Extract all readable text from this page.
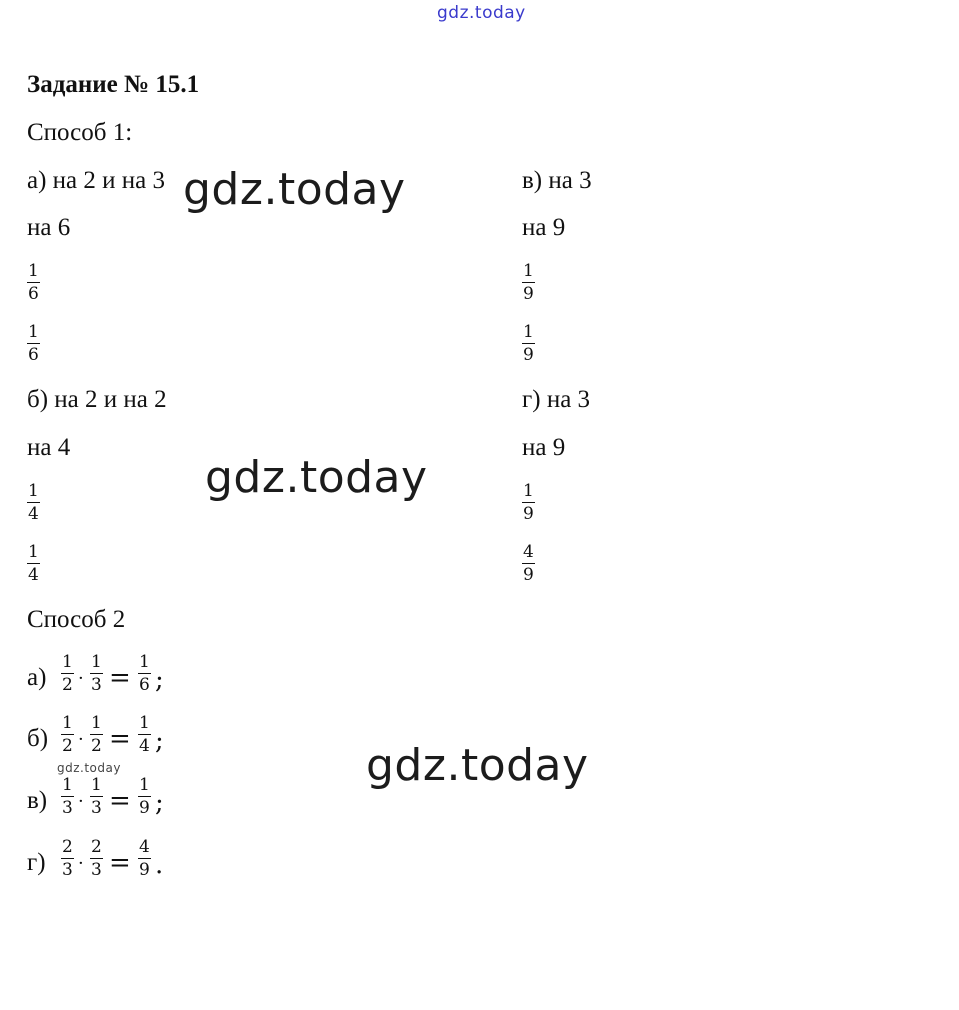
gdz.today
gdz.today
gdz.today
gdz.today
gdz.today
Задание № 15.1
Способ 1:
а) на 2 и на 3
на 6
1
6
1
6
б) на 2 и на 2
на 4
1
4
1
4
в) на 3
на 9
1
9
1
9
г) на 3
на 9
1
9
4
9
Способ 2
а)
1
2 ·
1
3 =
1
6 ;
б)
1
2 ·
1
2 =
1
4 ;
в)
1
3 ·
1
3 =
1
9 ;
г)
2
3 ·
2
3 =
4
9 .
